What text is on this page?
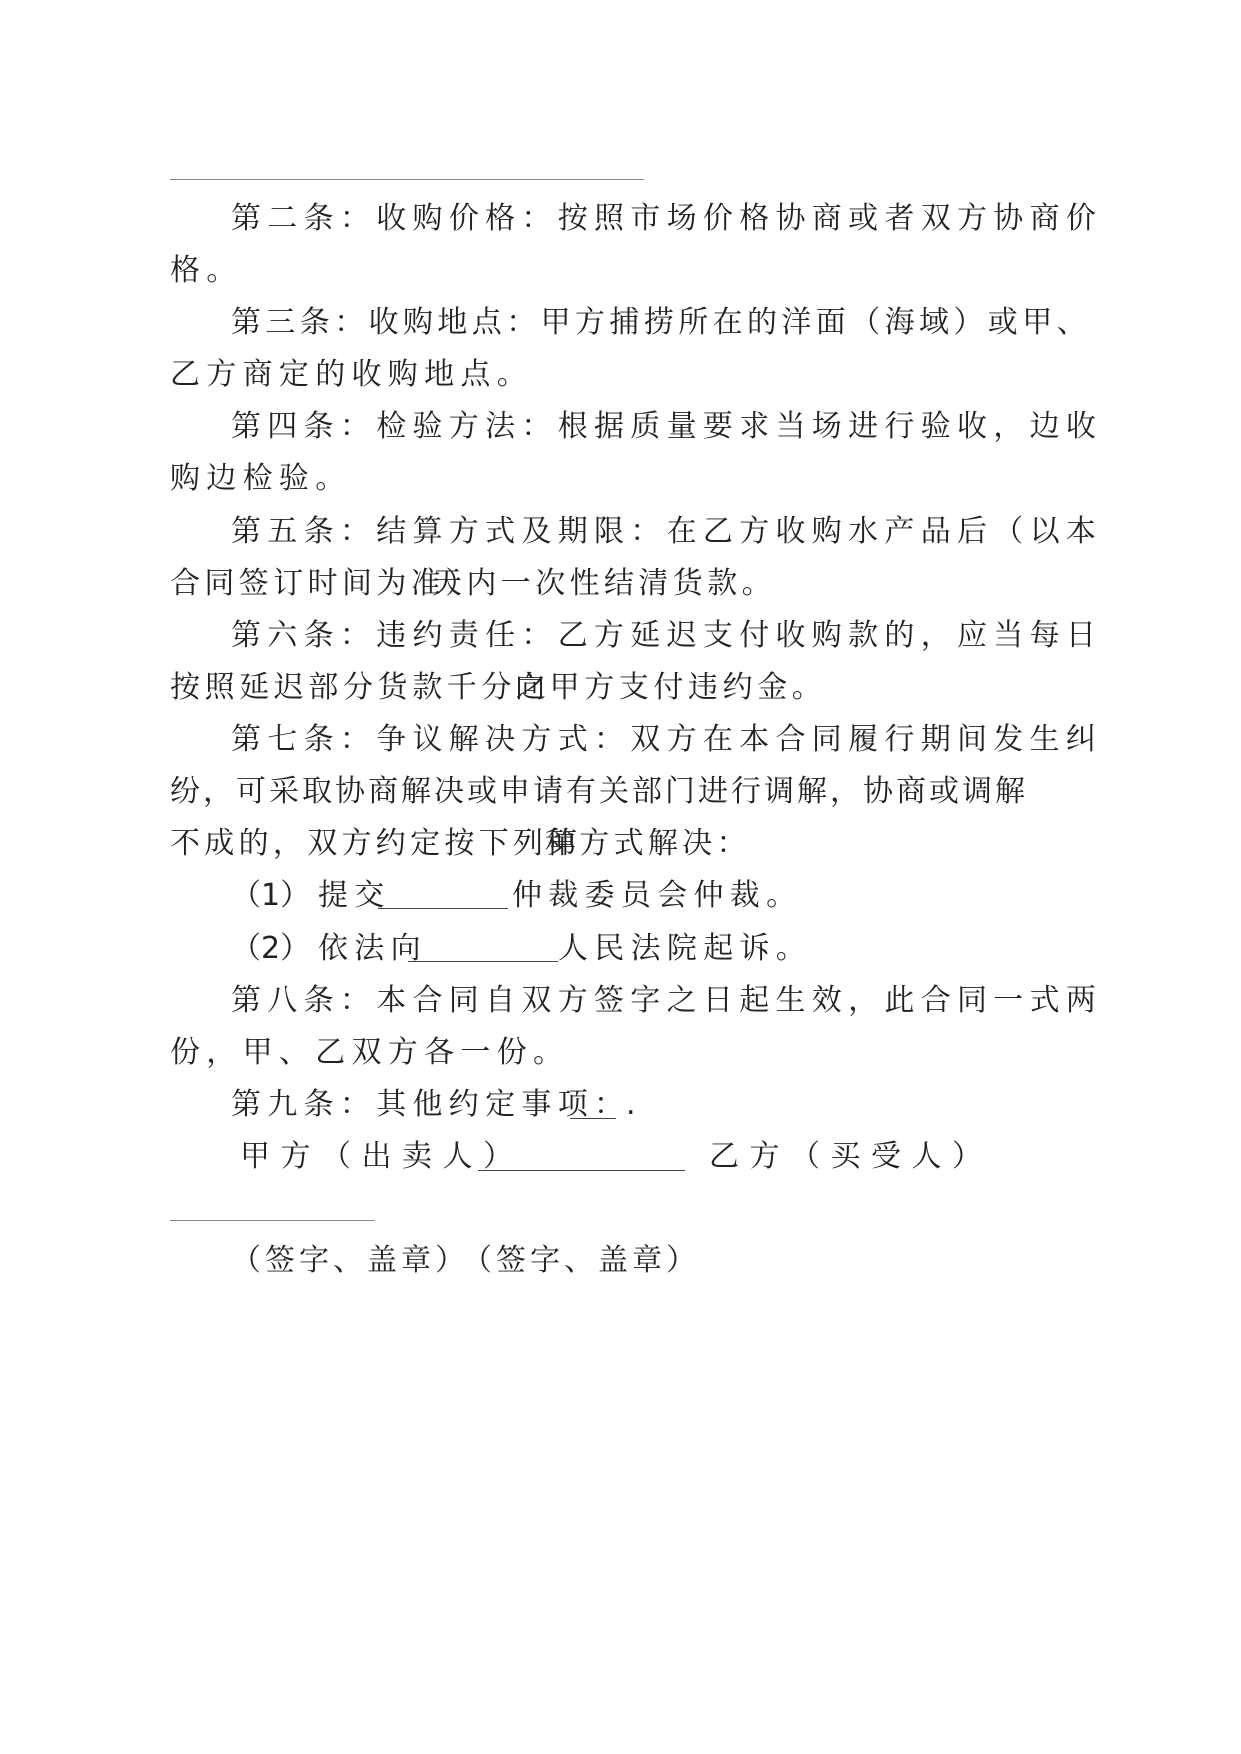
第二条：收购价格：按照市场价格协商或者双方协商价
格。
第三条：收购地点：甲方捕捞所在的洋面（海域）或甲、
乙方商定的收购地点。
第四条：检验方法：根据质量要求当场进行验收，边收
购边检验。
第五条：结算方式及期限：在乙方收购水产品后（以本
合同签订时间为准）
天内一次性结清货款。
第六条：违约责任：乙方延迟支付收购款的，应当每日
按照延迟部分货款千分之
向甲方支付违约金。
第七条：争议解决方式：双方在本合同履行期间发生纠
纷，可采取协商解决或申请有关部门进行调解，协商或调解
不成的，双方约定按下列第
种方式解决：
（1） 提交	仲裁委员会仲裁。
（2） 依法向	人民法院起诉。
第八条：本合同自双方签字之日起生效，此合同一式两
份，甲、乙双方各一份。
第九条：其他约定事项：
.
甲方（出卖人）	乙方（买受人）
（签字、盖章）
（签字、盖章）
